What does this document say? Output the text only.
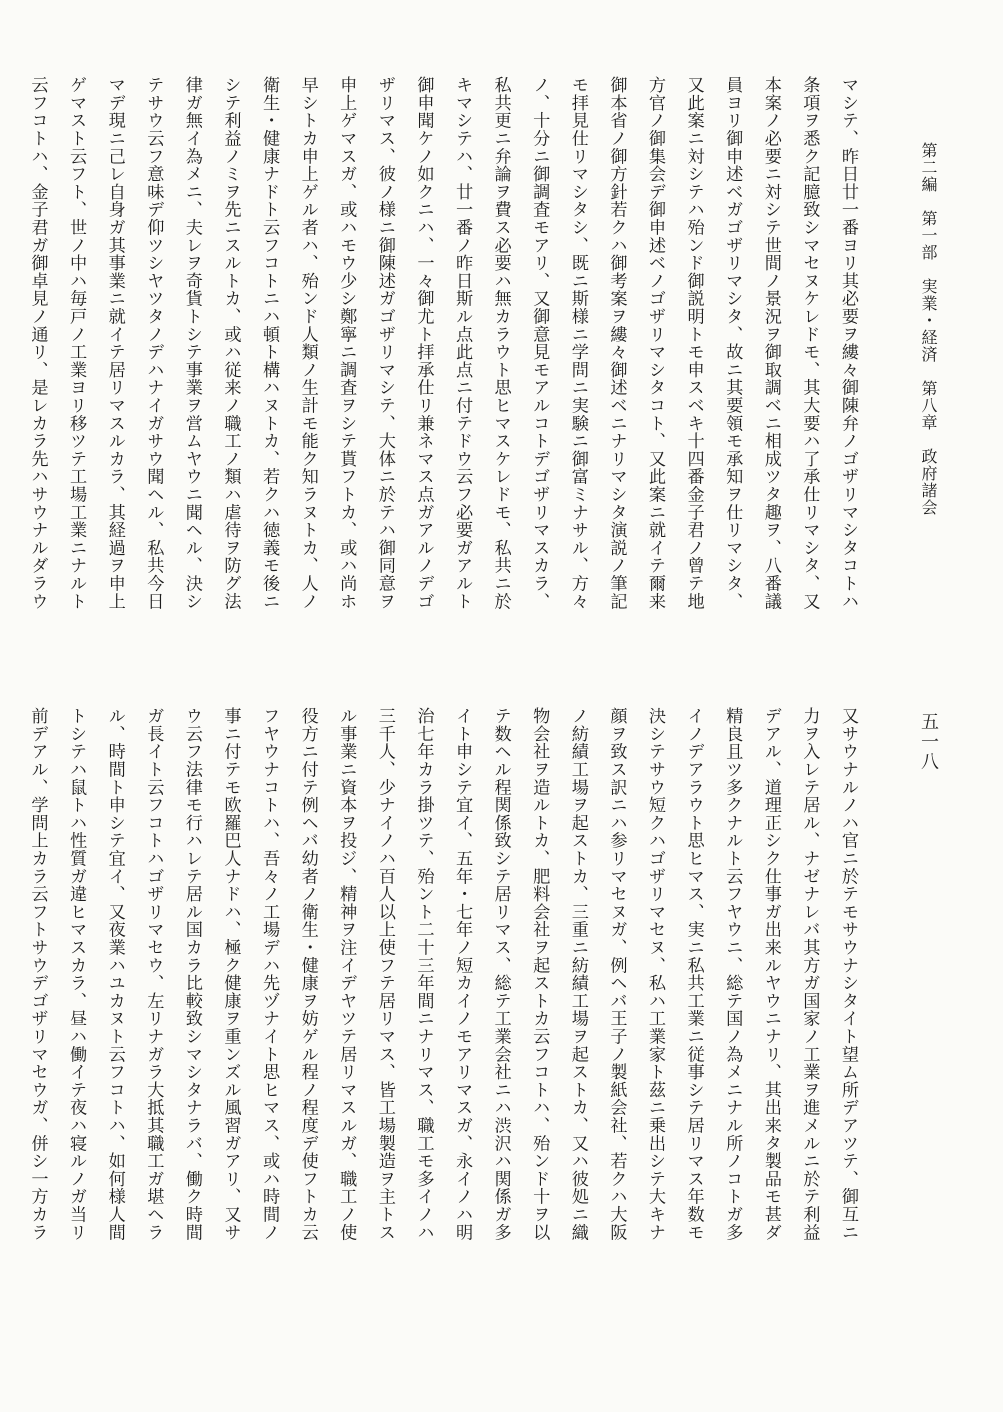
第二編　第一部　実業・経済　第八章　政府諸会
五一八
マシテ、昨日廿一番ヨリ其必要ヲ縷々御陳弁ノゴザリマシタコトハ
条項ヲ悉ク記臆致シマセヌケレドモ、其大要ハ了承仕リマシタ、又
本案ノ必要ニ対シテ世間ノ景況ヲ御取調ベニ相成ツタ趣ヲ、八番議
員ヨリ御申述ベガゴザリマシタ、故ニ其要領モ承知ヲ仕リマシタ、
又此案ニ対シテハ殆ンド御説明トモ申スベキ十四番金子君ノ曾テ地
方官ノ御集会デ御申述ベノゴザリマシタコト、又此案ニ就イテ爾来
御本省ノ御方針若クハ御考案ヲ縷々御述ベニナリマシタ演説ノ筆記
モ拝見仕リマシタシ、既ニ斯様ニ学問ニ実験ニ御富ミナサル、方々
ノ、十分ニ御調査モアリ、又御意見モアルコトデゴザリマスカラ、
私共更ニ弁論ヲ費ス必要ハ無カラウト思ヒマスケレドモ、私共ニ於
キマシテハ、廿一番ノ昨日斯ル点此点ニ付テドウ云フ必要ガアルト
御申聞ケノ如クニハ、一々御尤ト拝承仕リ兼ネマス点ガアルノデゴ
ザリマス、彼ノ様ニ御陳述ガゴザリマシテ、大体ニ於テハ御同意ヲ
申上ゲマスガ、或ハモウ少シ鄭寧ニ調査ヲシテ貰フトカ、或ハ尚ホ
早シトカ申上ゲル者ハ、殆ンド人類ノ生計モ能ク知ラヌトカ、人ノ
衛生・健康ナドト云フコトニハ頓ト構ハヌトカ、若クハ徳義モ後ニ
シテ利益ノミヲ先ニスルトカ、或ハ従来ノ職工ノ類ハ虐待ヲ防グ法
律ガ無イ為メニ、夫レヲ奇貨トシテ事業ヲ営ムヤウニ聞ヘル、決シ
テサウ云フ意味デ仰ツシヤツタノデハナイガサウ聞ヘル、私共今日
マデ現ニ己レ自身ガ其事業ニ就イテ居リマスルカラ、其経過ヲ申上
ゲマスト云フト、世ノ中ハ毎戸ノ工業ヨリ移ツテ工場工業ニナルト
云フコトハ、金子君ガ御卓見ノ通リ、是レカラ先ハサウナルダラウ
又サウナルノハ官ニ於テモサウナシタイト望ム所デアツテ、御互ニ
力ヲ入レテ居ル、ナゼナレバ其方ガ国家ノ工業ヲ進メルニ於テ利益
デアル、道理正シク仕事ガ出来ルヤウニナリ、其出来タ製品モ甚ダ
精良且ツ多クナルト云フヤウニ、総テ国ノ為メニナル所ノコトガ多
イノデアラウト思ヒマス、実ニ私共工業ニ従事シテ居リマス年数モ
決シテサウ短クハゴザリマセヌ、私ハ工業家ト茲ニ乗出シテ大キナ
顔ヲ致ス訳ニハ参リマセヌガ、例ヘバ王子ノ製紙会社、若クハ大阪
ノ紡績工場ヲ起ストカ、三重ニ紡績工場ヲ起ストカ、又ハ彼処ニ織
物会社ヲ造ルトカ、肥料会社ヲ起ストカ云フコトハ、殆ンド十ヲ以
テ数ヘル程関係致シテ居リマス、総テ工業会社ニハ渋沢ハ関係ガ多
イト申シテ宜イ、五年・七年ノ短カイノモアリマスガ、永イノハ明
治七年カラ掛ツテ、殆ント二十三年間ニナリマス、職工モ多イノハ
三千人、少ナイノハ百人以上使フテ居リマス、皆工場製造ヲ主トス
ル事業ニ資本ヲ投ジ、精神ヲ注イデヤツテ居リマスルガ、職工ノ使
役方ニ付テ例ヘバ幼者ノ衛生・健康ヲ妨ゲル程ノ程度デ使フトカ云
フヤウナコトハ、吾々ノ工場デハ先ヅナイト思ヒマス、或ハ時間ノ
事ニ付テモ欧羅巴人ナドハ、極ク健康ヲ重ンズル風習ガアリ、又サ
ウ云フ法律モ行ハレテ居ル国カラ比較致シマシタナラバ、働ク時間
ガ長イト云フコトハゴザリマセウ、左リナガラ大抵其職工ガ堪ヘラ
ル、時間ト申シテ宜イ、又夜業ハユカヌト云フコトハ、如何様人間
トシテハ鼠トハ性質ガ違ヒマスカラ、昼ハ働イテ夜ハ寝ルノガ当リ
前デアル、学問上カラ云フトサウデゴザリマセウガ、併シ一方カラ
